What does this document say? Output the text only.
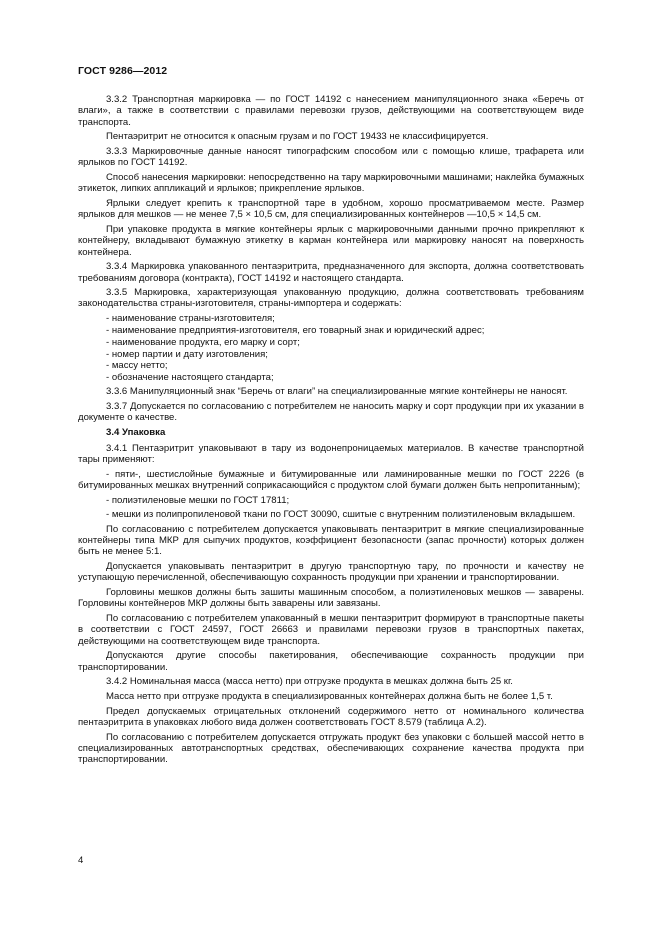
ГОСТ 9286—2012

3.3.2 Транспортная маркировка — по ГОСТ 14192 с нанесением манипуляционного знака «Беречь от влаги», а также в соответствии с правилами перевозки грузов, действующими на соответствующем виде транспорта.

Пентаэритрит не относится к опасным грузам и по ГОСТ 19433 не классифицируется.

3.3.3 Маркировочные данные наносят типографским способом или с помощью клише, трафарета или ярлыков по ГОСТ 14192.

Способ нанесения маркировки: непосредственно на тару маркировочными машинами; наклейка бумажных этикеток, липких аппликаций и ярлыков; прикрепление ярлыков.

Ярлыки следует крепить к транспортной таре в удобном, хорошо просматриваемом месте. Размер ярлыков для мешков — не менее 7,5 × 10,5 см, для специализированных контейнеров —10,5 × 14,5 см.

При упаковке продукта в мягкие контейнеры ярлык с маркировочными данными прочно прикрепляют к контейнеру, вкладывают бумажную этикетку в карман контейнера или маркировку наносят на поверхность контейнера.

3.3.4 Маркировка упакованного пентаэритрита, предназначенного для экспорта, должна соответствовать требованиям договора (контракта), ГОСТ 14192 и настоящего стандарта.

3.3.5 Маркировка, характеризующая упакованную продукцию, должна соответствовать требованиям законодательства страны-изготовителя, страны-импортера и содержать:

- наименование страны-изготовителя;

- наименование предприятия-изготовителя, его товарный знак и юридический адрес;

- наименование продукта, его марку и сорт;

- номер партии и дату изготовления;

- массу нетто;

- обозначение настоящего стандарта;

3.3.6 Манипуляционный знак “Беречь от влаги” на специализированные мягкие контейнеры не наносят.

3.3.7 Допускается по согласованию с потребителем не наносить марку и сорт продукции при их указании в документе о качестве.

3.4 Упаковка

3.4.1 Пентаэритрит упаковывают в тару из водонепроницаемых материалов. В качестве транспортной тары применяют:

- пяти-, шестислойные бумажные и битумированные или ламинированные мешки по ГОСТ 2226 (в битумированных мешках внутренний соприкасающийся с продуктом слой бумаги должен быть непропитанным);

- полиэтиленовые мешки по ГОСТ 17811;

- мешки из полипропиленовой ткани по ГОСТ 30090, сшитые с внутренним полиэтиленовым вкладышем.

По согласованию с потребителем допускается упаковывать пентаэритрит в мягкие специализированные контейнеры типа МКР для сыпучих продуктов, коэффициент безопасности (запас прочности) которых должен быть не менее 5:1.

Допускается упаковывать пентаэритрит в другую транспортную тару, по прочности и качеству не уступающую перечисленной, обеспечивающую сохранность продукции при хранении и транспортировании.

Горловины мешков должны быть зашиты машинным способом, а полиэтиленовых мешков — заварены. Горловины контейнеров МКР должны быть заварены или завязаны.

По согласованию с потребителем упакованный в мешки пентаэритрит формируют в транспортные пакеты в соответствии с ГОСТ 24597, ГОСТ 26663 и правилами перевозки грузов в транспортных пакетах, действующими на соответствующем виде транспорта.

Допускаются другие способы пакетирования, обеспечивающие сохранность продукции при транспортировании.

3.4.2 Номинальная масса (масса нетто) при отгрузке продукта в мешках должна быть 25 кг.

Масса нетто при отгрузке продукта в специализированных контейнерах должна быть не более 1,5 т.

Предел допускаемых отрицательных отклонений содержимого нетто от номинального количества пентаэритрита в упаковках любого вида должен соответствовать ГОСТ 8.579 (таблица А.2).

По согласованию с потребителем допускается отгружать продукт без упаковки с большей массой нетто в специализированных автотранспортных средствах, обеспечивающих сохранение качества продукта при транспортировании.

4
